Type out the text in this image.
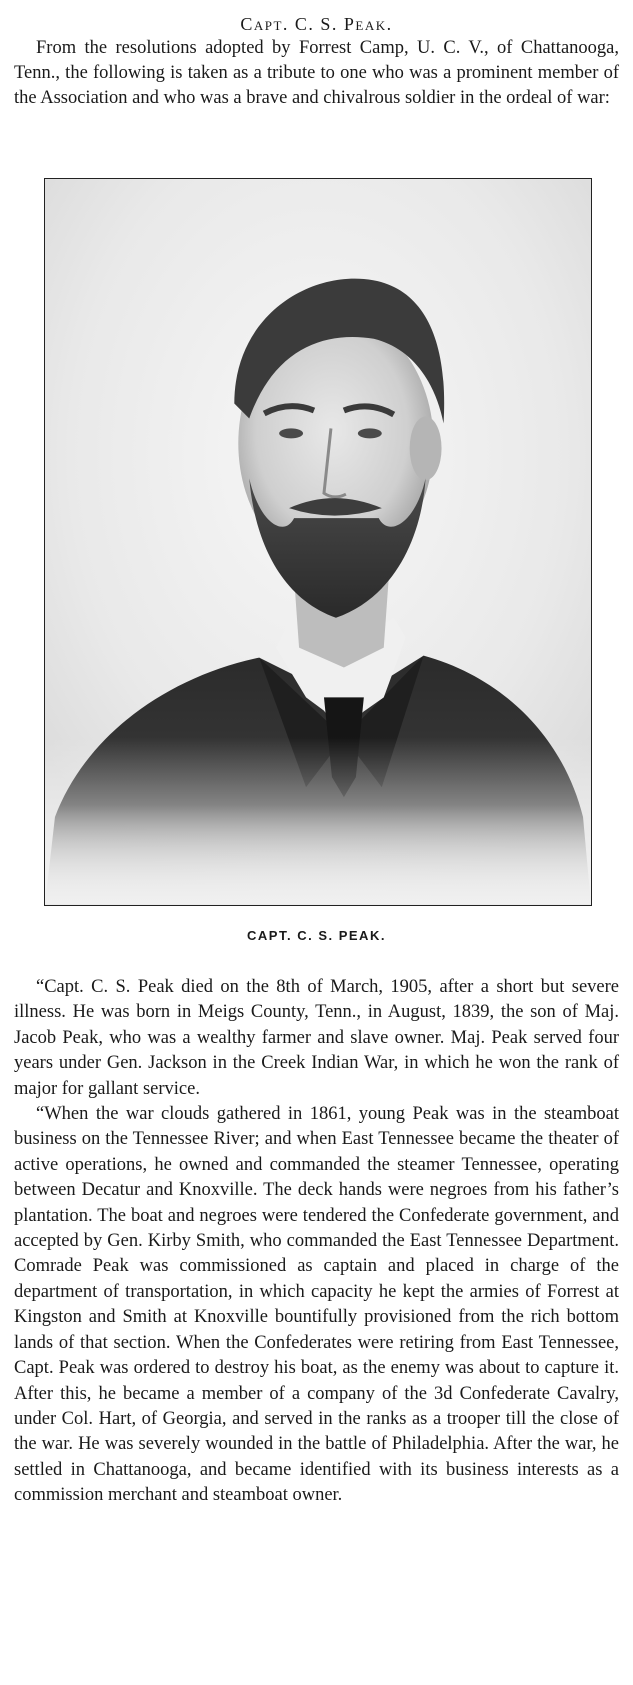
Capt. C. S. Peak.

From the resolutions adopted by Forrest Camp, U. C. V., of Chattanooga, Tenn., the following is taken as a tribute to one who was a prominent member of the Association and who was a brave and chivalrous soldier in the ordeal of war:

CAPT. C. S. PEAK.

“Capt. C. S. Peak died on the 8th of March, 1905, after a short but severe illness. He was born in Meigs County, Tenn., in August, 1839, the son of Maj. Jacob Peak, who was a wealthy farmer and slave owner. Maj. Peak served four years under Gen. Jackson in the Creek Indian War, in which he won the rank of major for gallant service.

“When the war clouds gathered in 1861, young Peak was in the steamboat business on the Tennessee River; and when East Tennessee became the theater of active operations, he owned and commanded the steamer Tennessee, operating between Decatur and Knoxville. The deck hands were negroes from his father’s plantation. The boat and negroes were tendered the Confederate government, and accepted by Gen. Kirby Smith, who commanded the East Tennessee Department. Comrade Peak was commissioned as captain and placed in charge of the department of transportation, in which capacity he kept the armies of Forrest at Kingston and Smith at Knoxville bountifully provisioned from the rich bottom lands of that section. When the Confederates were retiring from East Tennessee, Capt. Peak was ordered to destroy his boat, as the enemy was about to capture it. After this, he became a member of a company of the 3d Confederate Cavalry, under Col. Hart, of Georgia, and served in the ranks as a trooper till the close of the war. He was severely wounded in the battle of Philadelphia. After the war, he settled in Chattanooga, and became identified with its business interests as a commission merchant and steamboat owner.
